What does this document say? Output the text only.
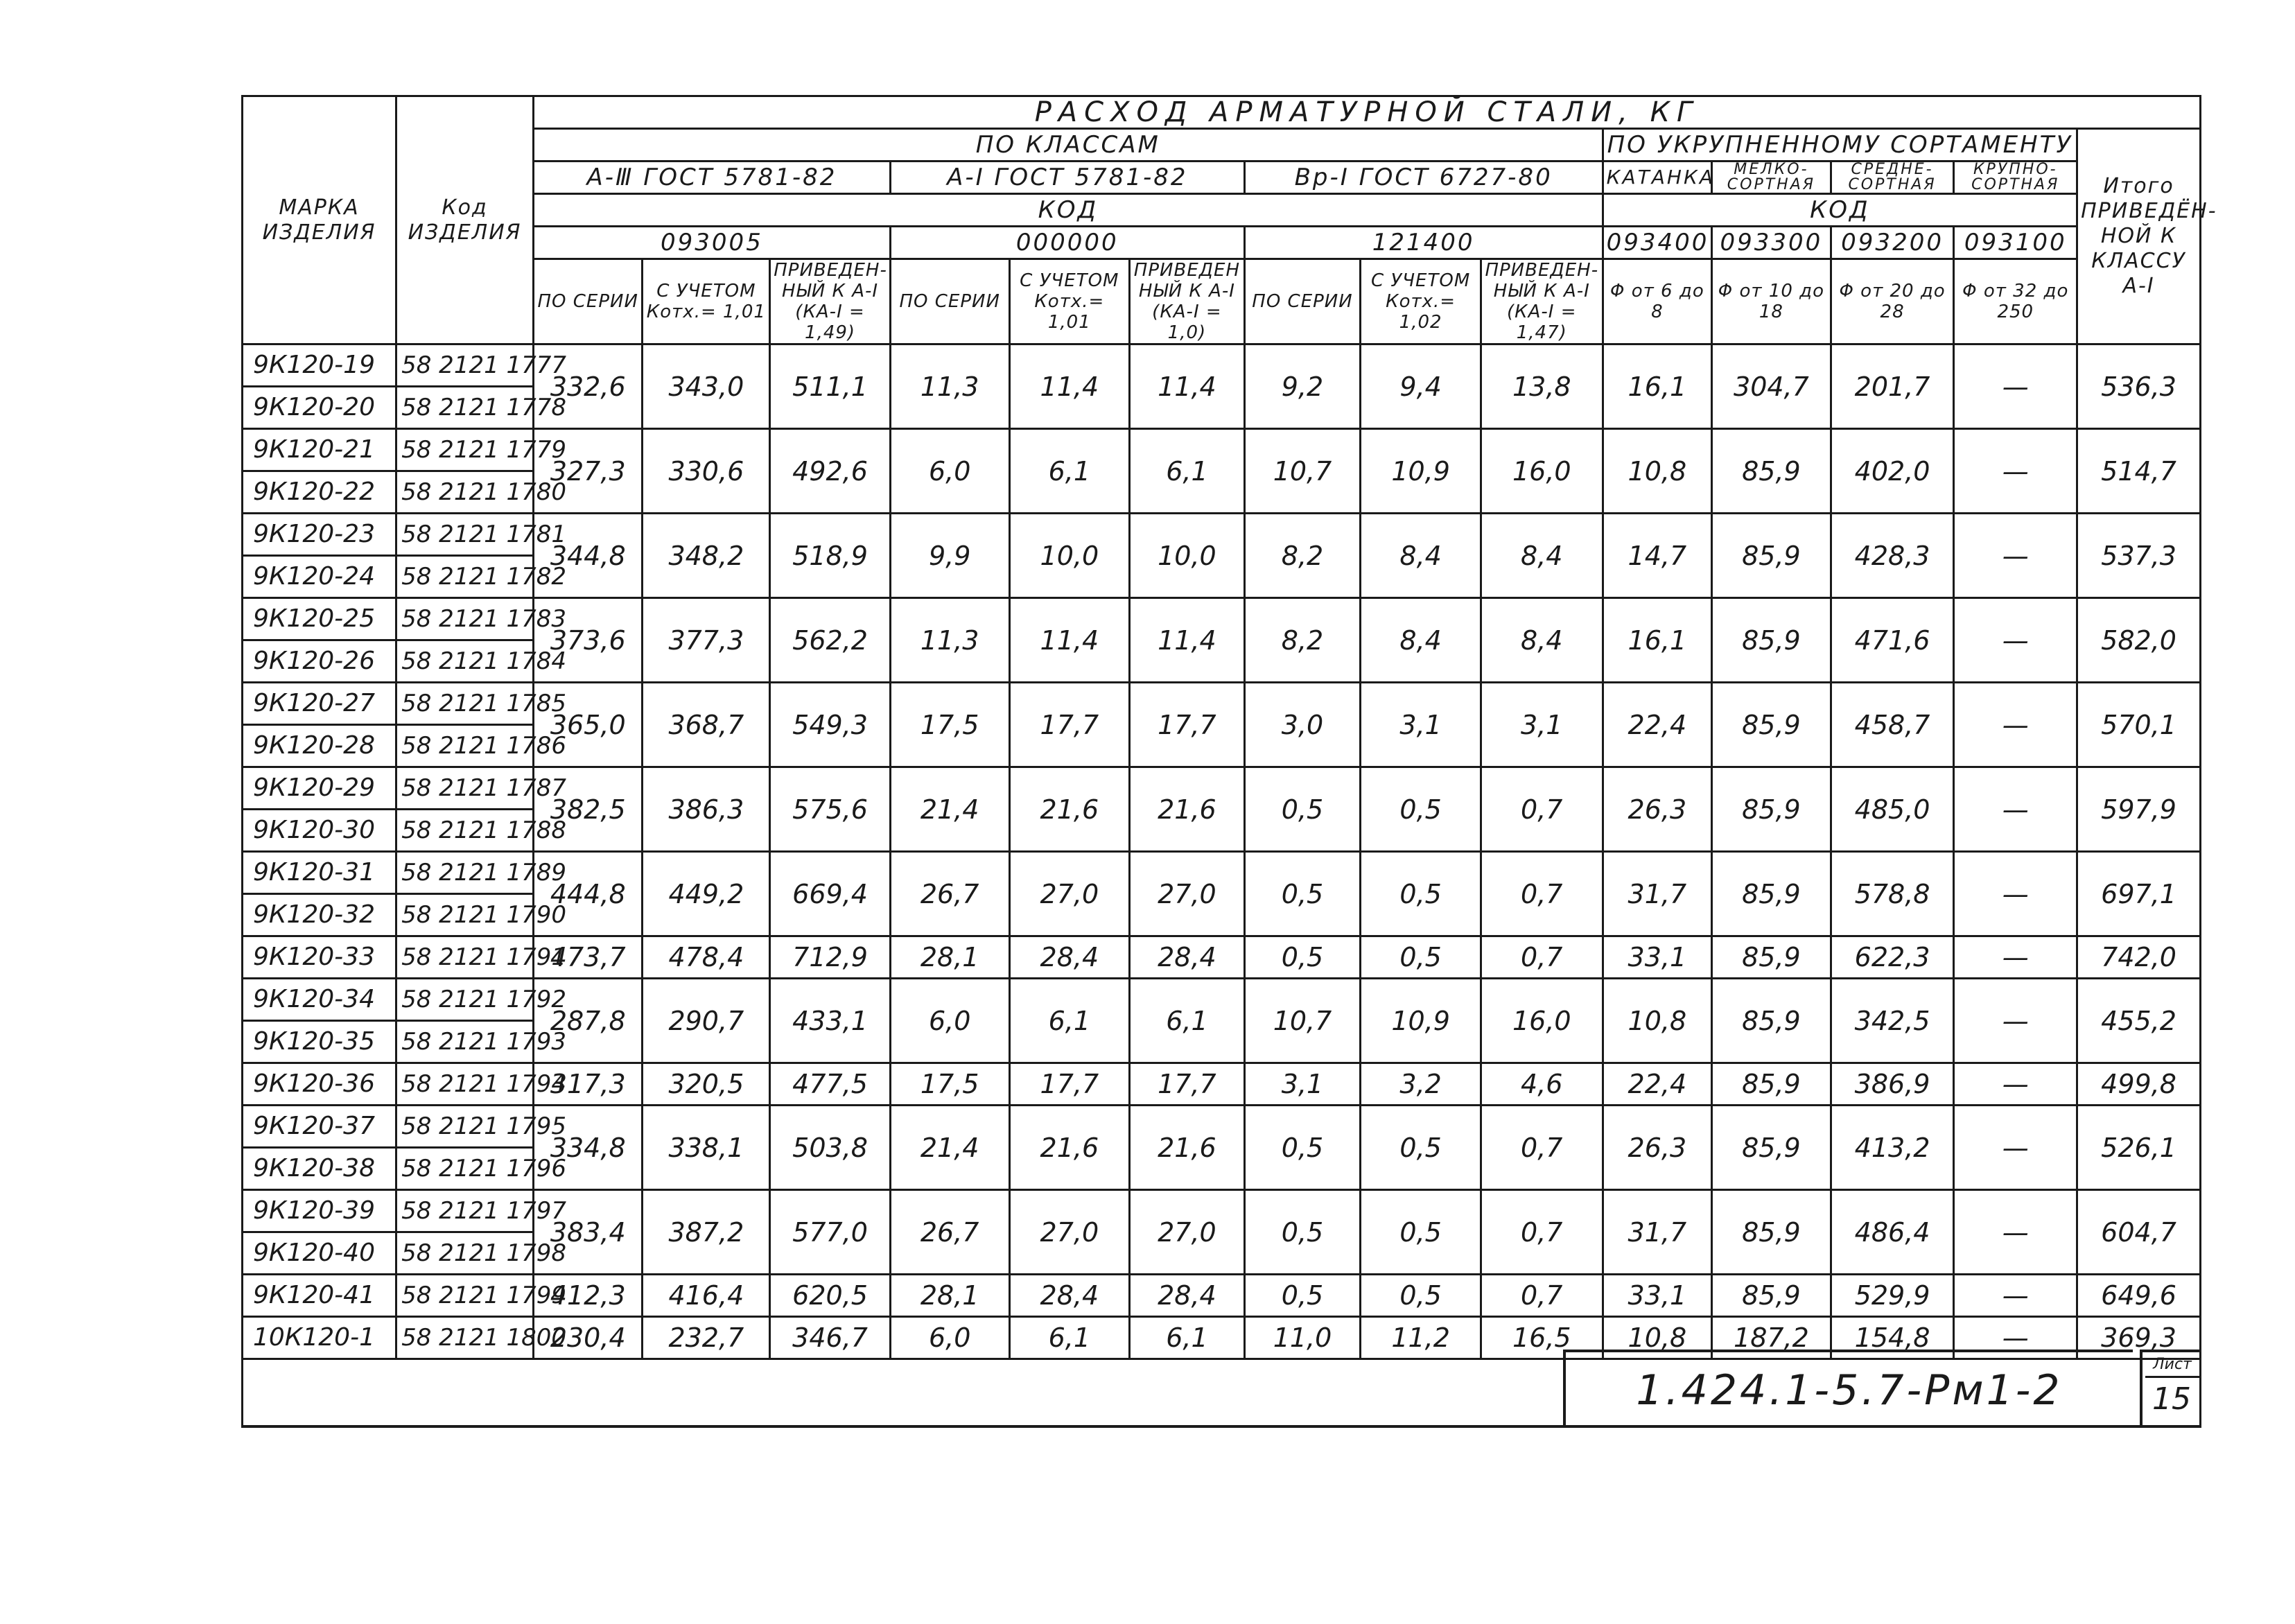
МАРКА ИЗДЕЛИЯ	Код ИЗДЕЛИЯ	РАСХОД АРМАТУРНОЙ СТАЛИ, КГ													
		ПО КЛАССАМ									ПО УКРУПНЕННОМУ СОРТАМЕНТУ				Итого ПРИВЕДЁН- НОЙ К КЛАССУ А-Ӏ
		А-Ⅲ ГОСТ 5781-82			А-Ӏ ГОСТ 5781-82			Вр-Ӏ ГОСТ 6727-80			КАТАНКА	МЕЛКО- СОРТНАЯ	СРЕДНЕ- СОРТНАЯ	КРУПНО- СОРТНАЯ	
		КОД									КОД				
		093005			000000			121400			093400	093300	093200	093100	
		ПО СЕРИИ	С УЧЕТОМ Котх.= 1,01	ПРИВЕДЕН- НЫЙ К А-Ӏ (КА-Ӏ = 1,49)	ПО СЕРИИ	С УЧЕТОМ Котх.= 1,01	ПРИВЕДЕН НЫЙ К А-Ӏ (КА-Ӏ = 1,0)	ПО СЕРИИ	С УЧЕТОМ Котх.= 1,02	ПРИВЕДЕН- НЫЙ К А-Ӏ (КА-Ӏ = 1,47)	Φ от 6 до 8	Φ от 10 до 18	Φ от 20 до 28	Φ от 32 до 250	
9К120-19	58 2121 1777	332,6	343,0	511,1	11,3	11,4	11,4	9,2	9,4	13,8	16,1	304,7	201,7	—	536,3
9К120-20	58 2121 1778														
9К120-21	58 2121 1779	327,3	330,6	492,6	6,0	6,1	6,1	10,7	10,9	16,0	10,8	85,9	402,0	—	514,7
9К120-22	58 2121 1780														
9К120-23	58 2121 1781	344,8	348,2	518,9	9,9	10,0	10,0	8,2	8,4	8,4	14,7	85,9	428,3	—	537,3
9К120-24	58 2121 1782														
9К120-25	58 2121 1783	373,6	377,3	562,2	11,3	11,4	11,4	8,2	8,4	8,4	16,1	85,9	471,6	—	582,0
9К120-26	58 2121 1784														
9К120-27	58 2121 1785	365,0	368,7	549,3	17,5	17,7	17,7	3,0	3,1	3,1	22,4	85,9	458,7	—	570,1
9К120-28	58 2121 1786														
9К120-29	58 2121 1787	382,5	386,3	575,6	21,4	21,6	21,6	0,5	0,5	0,7	26,3	85,9	485,0	—	597,9
9К120-30	58 2121 1788														
9К120-31	58 2121 1789	444,8	449,2	669,4	26,7	27,0	27,0	0,5	0,5	0,7	31,7	85,9	578,8	—	697,1
9К120-32	58 2121 1790														
9К120-33	58 2121 1791	473,7	478,4	712,9	28,1	28,4	28,4	0,5	0,5	0,7	33,1	85,9	622,3	—	742,0
9К120-34	58 2121 1792	287,8	290,7	433,1	6,0	6,1	6,1	10,7	10,9	16,0	10,8	85,9	342,5	—	455,2
9К120-35	58 2121 1793														
9К120-36	58 2121 1794	317,3	320,5	477,5	17,5	17,7	17,7	3,1	3,2	4,6	22,4	85,9	386,9	—	499,8
9К120-37	58 2121 1795	334,8	338,1	503,8	21,4	21,6	21,6	0,5	0,5	0,7	26,3	85,9	413,2	—	526,1
9К120-38	58 2121 1796														
9К120-39	58 2121 1797	383,4	387,2	577,0	26,7	27,0	27,0	0,5	0,5	0,7	31,7	85,9	486,4	—	604,7
9К120-40	58 2121 1798														
9К120-41	58 2121 1799	412,3	416,4	620,5	28,1	28,4	28,4	0,5	0,5	0,7	33,1	85,9	529,9	—	649,6
10К120-1	58 2121 1800	230,4	232,7	346,7	6,0	6,1	6,1	11,0	11,2	16,5	10,8	187,2	154,8	—	369,3
1.424.1-5.7-Рм1-2
Лист
15
